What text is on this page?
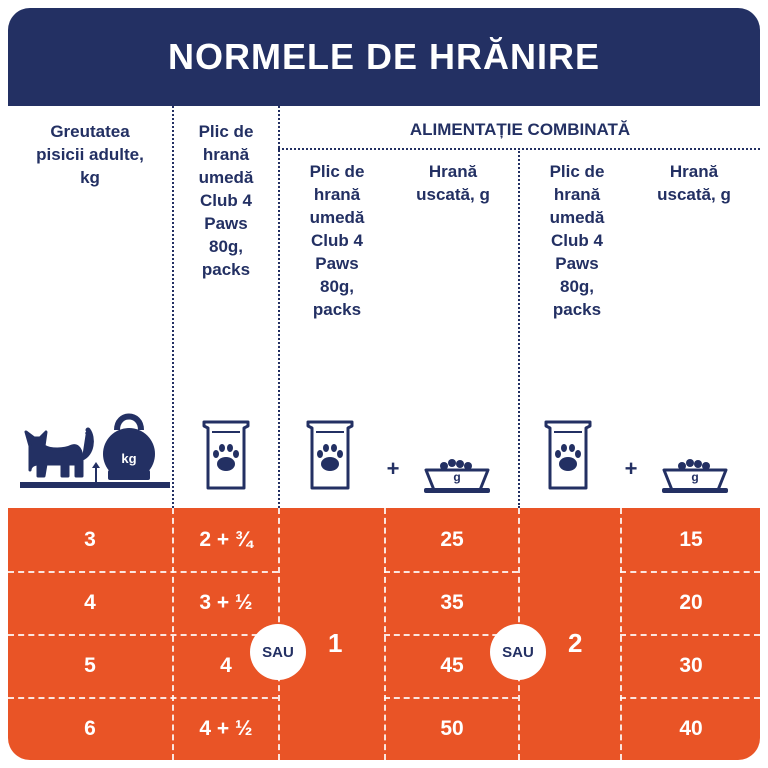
NORMELE DE HRĂNIRE
Greutatea
pisicii adulte,
kg
Plic de
hrană
umedă
Club 4
Paws
80g,
packs
ALIMENTAȚIE COMBINATĂ
Plic de
hrană
umedă
Club 4
Paws
80g,
packs
Hrană
uscată, g
Plic de
hrană
umedă
Club 4
Paws
80g,
packs
Hrană
uscată, g
kg	+	+
g	g
3	2 + ¾	25	15
4	3 + ½	35	20
5	4	45	30
6	4 + ½	50	40
1	2
SAU	SAU
